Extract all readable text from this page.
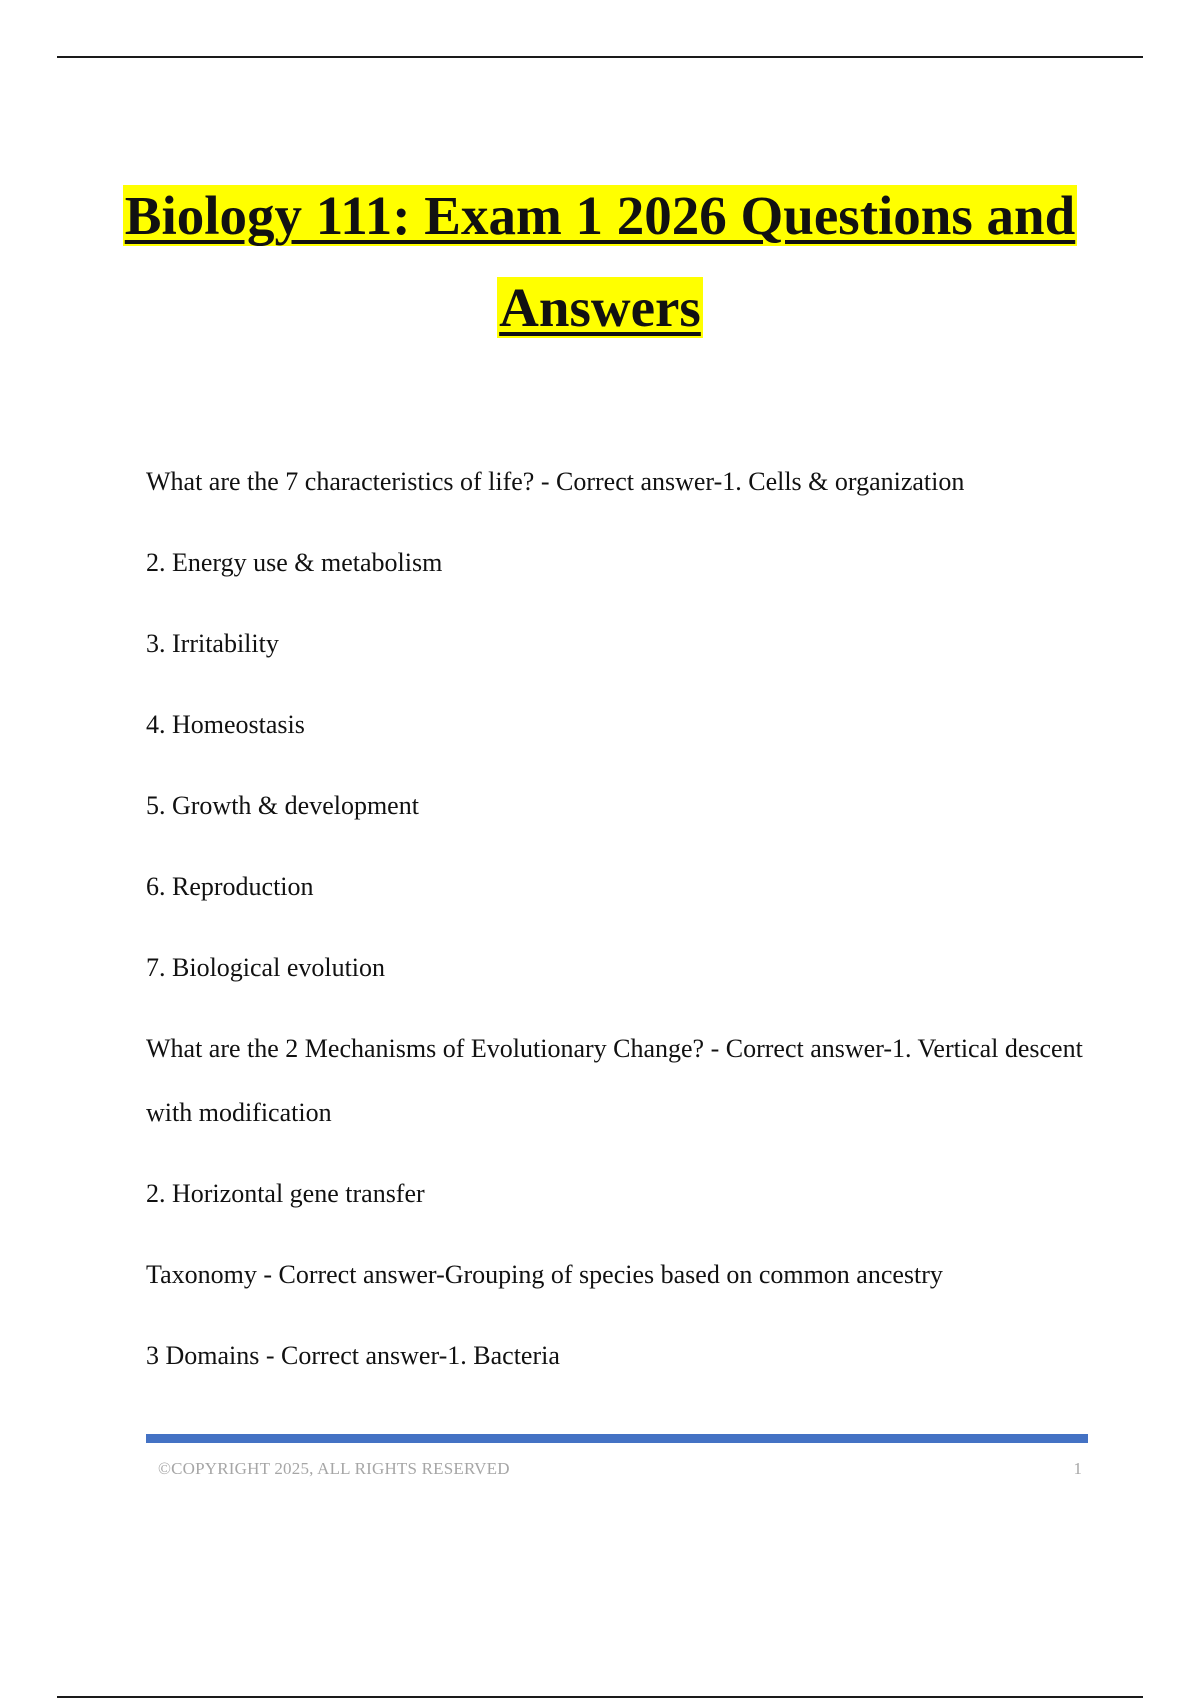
Biology 111: Exam 1 2026 Questions and
Answers

What are the 7 characteristics of life? - Correct answer-1. Cells & organization

2. Energy use & metabolism

3. Irritability

4. Homeostasis

5. Growth & development

6. Reproduction

7. Biological evolution

What are the 2 Mechanisms of Evolutionary Change? - Correct answer-1. Vertical descent with modification

2. Horizontal gene transfer

Taxonomy - Correct answer-Grouping of species based on common ancestry

3 Domains - Correct answer-1. Bacteria

©COPYRIGHT 2025, ALL RIGHTS RESERVED	1
